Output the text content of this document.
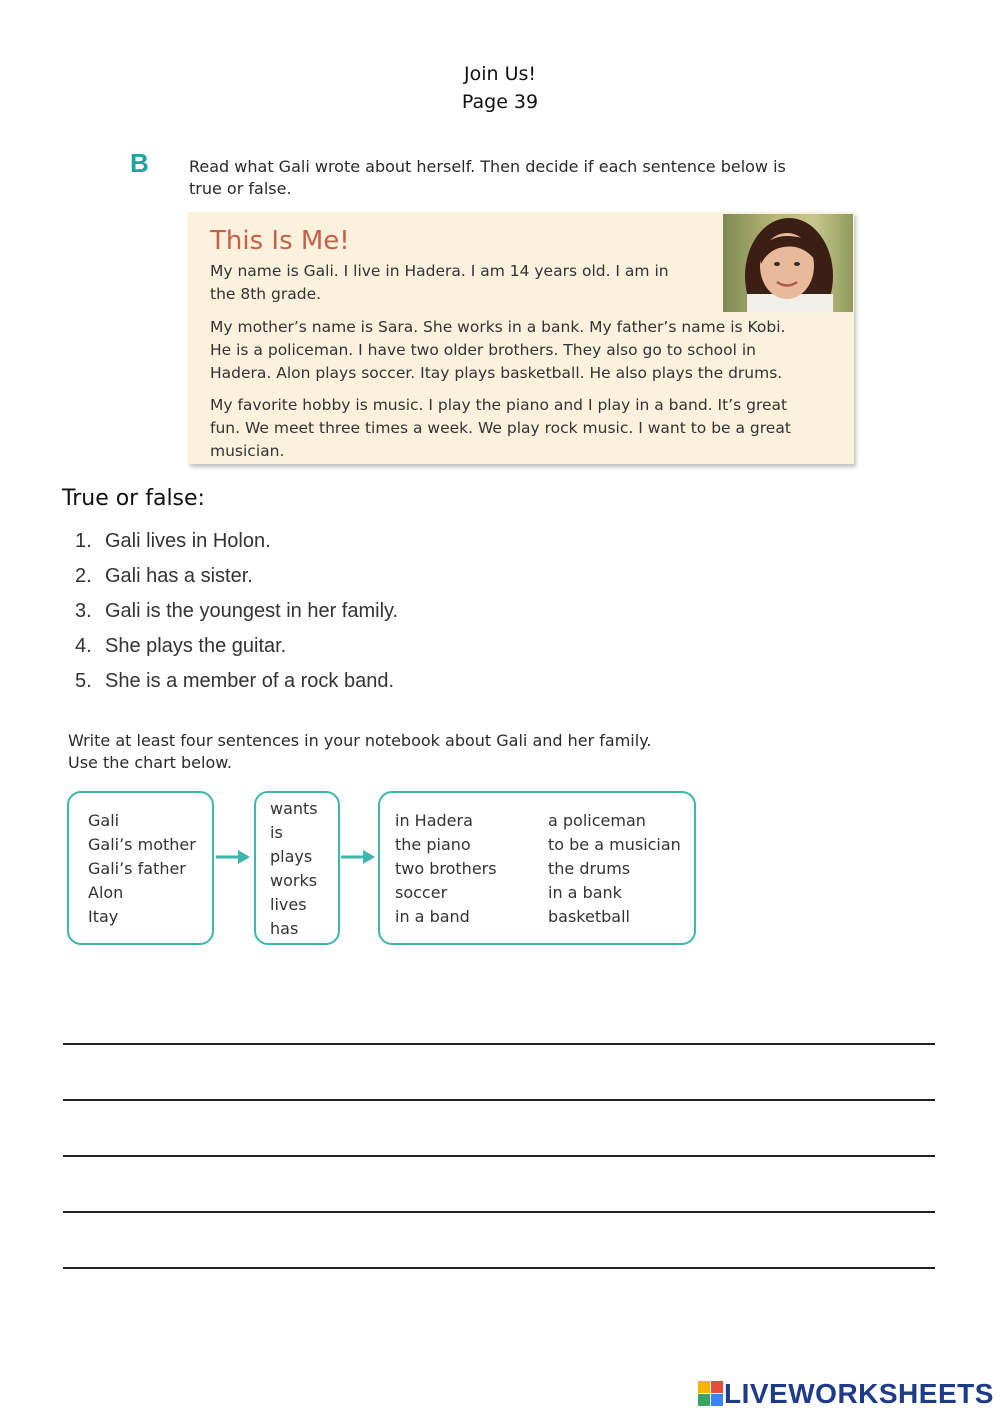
Join Us!
Page 39
B	Read what Gali wrote about herself. Then decide if each sentence below is
true or false.
This Is Me!

My name is Gali. I live in Hadera. I am 14 years old. I am in
the 8th grade.

My mother’s name is Sara. She works in a bank. My father’s name is Kobi.
He is a policeman. I have two older brothers. They also go to school in
Hadera. Alon plays soccer. Itay plays basketball. He also plays the drums.

My favorite hobby is music. I play the piano and I play in a band. It’s great
fun. We meet three times a week. We play rock music. I want to be a great
musician.

True or false:
1. Gali lives in Holon.
2. Gali has a sister.
3. Gali is the youngest in her family.
4. She plays the guitar.
5. She is a member of a rock band.
Write at least four sentences in your notebook about Gali and her family.
Use the chart below.
Gali
Gali’s mother
Gali’s father
Alon
Itay
wants
is
plays
works
lives
has
in Hadera
the piano
two brothers
soccer
in a band
a policeman
to be a musician
the drums
in a bank
basketball
LIVEWORKSHEETS
